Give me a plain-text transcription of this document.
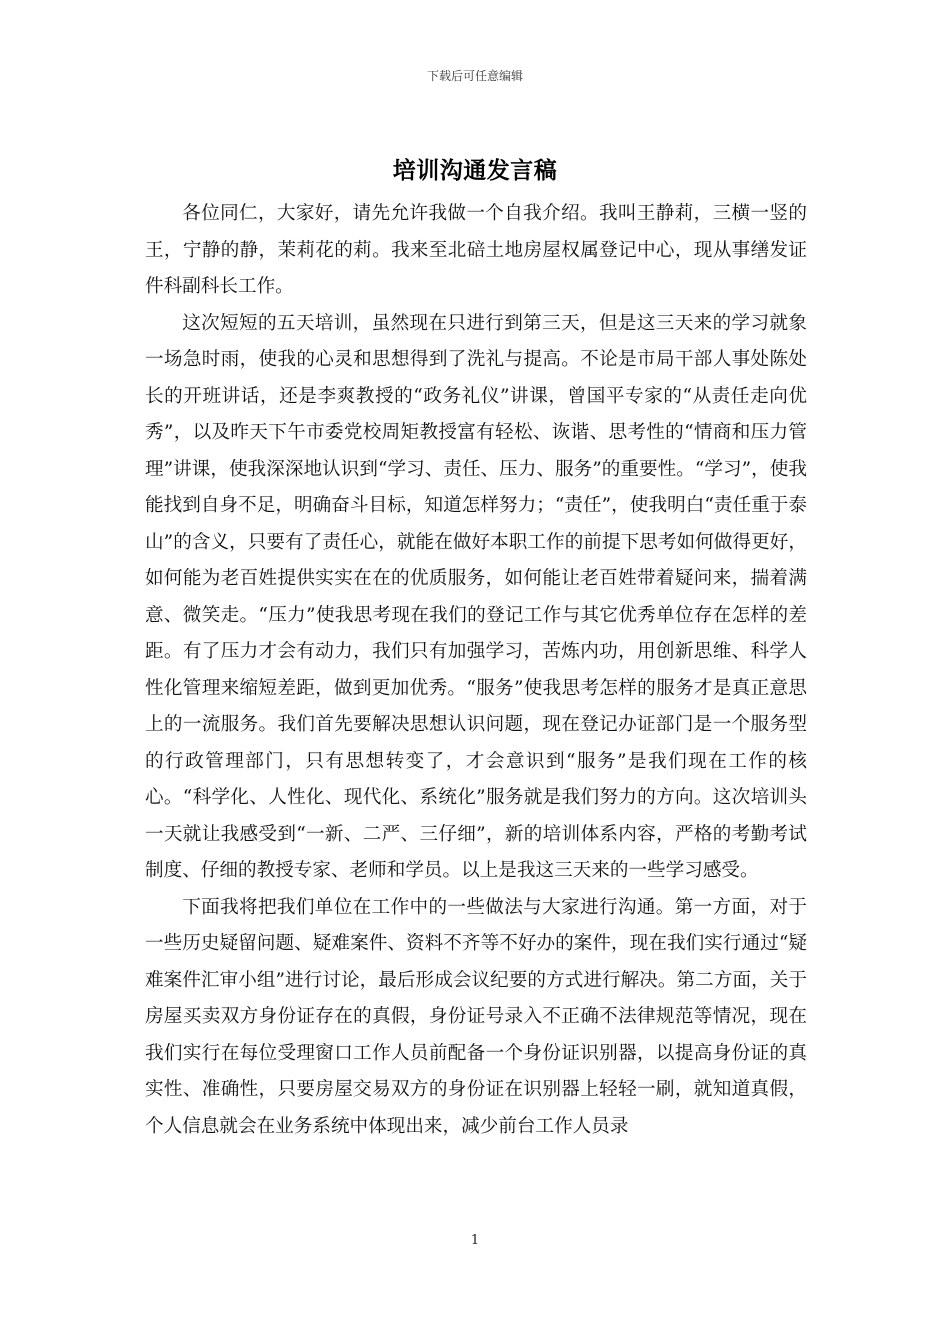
下载后可任意编辑
培训沟通发言稿

各位同仁，大家好，请先允许我做一个自我介绍。我叫王静莉，三横一竖的王，宁静的静，茉莉花的莉。我来至北碚土地房屋权属登记中心，现从事缮发证件科副科长工作。

这次短短的五天培训，虽然现在只进行到第三天，但是这三天来的学习就象一场急时雨，使我的心灵和思想得到了洗礼与提高。不论是市局干部人事处陈处长的开班讲话，还是李爽教授的“政务礼仪”讲课，曾国平专家的“从责任走向优秀”，以及昨天下午市委党校周矩教授富有轻松、诙谐、思考性的“情商和压力管理”讲课，使我深深地认识到“学习、责任、压力、服务”的重要性。“学习”，使我能找到自身不足，明确奋斗目标，知道怎样努力；“责任”，使我明白“责任重于泰山”的含义，只要有了责任心，就能在做好本职工作的前提下思考如何做得更好，如何能为老百姓提供实实在在的优质服务，如何能让老百姓带着疑问来，揣着满意、微笑走。“压力”使我思考现在我们的登记工作与其它优秀单位存在怎样的差距。有了压力才会有动力，我们只有加强学习，苦炼内功，用创新思维、科学人性化管理来缩短差距，做到更加优秀。“服务”使我思考怎样的服务才是真正意思上的一流服务。我们首先要解决思想认识问题，现在登记办证部门是一个服务型的行政管理部门，只有思想转变了，才会意识到“服务”是我们现在工作的核心。“科学化、人性化、现代化、系统化”服务就是我们努力的方向。这次培训头一天就让我感受到“一新、二严、三仔细”，新的培训体系内容，严格的考勤考试制度、仔细的教授专家、老师和学员。以上是我这三天来的一些学习感受。

下面我将把我们单位在工作中的一些做法与大家进行沟通。第一方面，对于一些历史疑留问题、疑难案件、资料不齐等不好办的案件，现在我们实行通过“疑难案件汇审小组”进行讨论，最后形成会议纪要的方式进行解决。第二方面，关于房屋买卖双方身份证存在的真假，身份证号录入不正确不法律规范等情况，现在我们实行在每位受理窗口工作人员前配备一个身份证识别器，以提高身份证的真实性、准确性，只要房屋交易双方的身份证在识别器上轻轻一刷，就知道真假，个人信息就会在业务系统中体现出来，减少前台工作人员录

1
